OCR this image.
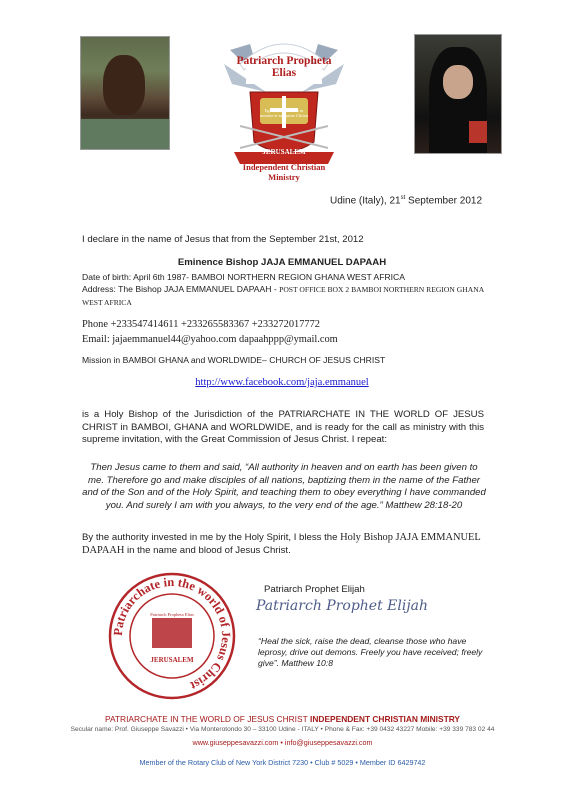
Patriarch Propheta Elias
Ego vos deseralion in nomine et sanguine Christi
JERUSALEM
Independent Christian Ministry
Udine (Italy), 21st September 2012
I declare in the name of Jesus that from the September 21st, 2012
Eminence Bishop JAJA EMMANUEL DAPAAH
Date of birth: April 6th 1987- BAMBOI NORTHERN REGION GHANA WEST AFRICA
Address: The Bishop JAJA EMMANUEL DAPAAH - POST OFFICE BOX 2 BAMBOI NORTHERN REGION GHANA WEST AFRICA
Phone +233547414611 +233265583367 +233272017772
Email: jajaemmanuel44@yahoo.com dapaahppp@ymail.com
Mission in BAMBOI GHANA and WORLDWIDE– CHURCH OF JESUS CHRIST
http://www.facebook.com/jaja.emmanuel
is a Holy Bishop of the Jurisdiction of the PATRIARCHATE IN THE WORLD OF JESUS CHRIST in BAMBOI, GHANA and WORLDWIDE, and is ready for the call as ministry with this supreme invitation, with the Great Commission of Jesus Christ. I repeat:
Then Jesus came to them and said, “All authority in heaven and on earth has been given to me. Therefore go and make disciples of all nations, baptizing them in the name of the Father and of the Son and of the Holy Spirit, and teaching them to obey everything I have commanded you. And surely I am with you always, to the very end of the age.” Matthew 28:18-20
By the authority invested in me by the Holy Spirit, I bless the Holy Bishop JAJA EMMANUEL DAPAAH in the name and blood of Jesus Christ.
Patriarchate in the world of Jesus Christ
Patriarch Propheta Elias
JERUSALEM
Patriarch Prophet Elijah
Patriarch Prophet Elijah
“Heal the sick, raise the dead, cleanse those who have leprosy, drive out demons. Freely you have received; freely give”. Matthew 10:8
PATRIARCHATE IN THE WORLD OF JESUS CHRIST INDEPENDENT CHRISTIAN MINISTRY
Secular name: Prof. Giuseppe Savazzi • Via Monterotondo 30 – 33100 Udine - ITALY • Phone & Fax: +39 0432 43227 Mobile: +39 339 783 02 44
www.giuseppesavazzi.com • info@giuseppesavazzi.com
Member of the Rotary Club of New York District 7230 • Club # 5029 • Member ID 6429742
